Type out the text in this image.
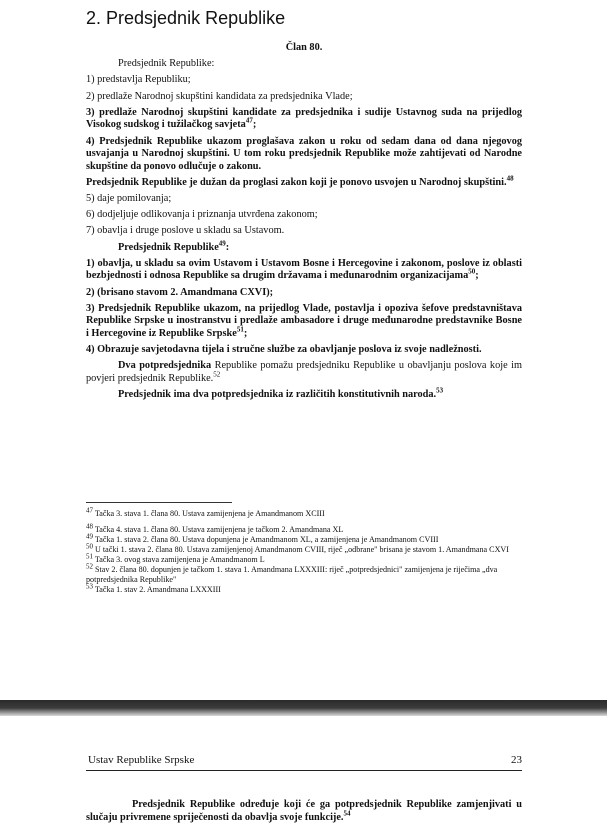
2. Predsjednik Republike

Član 80.

Predsjednik Republike:

1) predstavlja Republiku;

2) predlaže Narodnoj skupštini kandidata za predsjednika Vlade;

3) predlaže Narodnoj skupštini kandidate za predsjednika i sudije Ustavnog suda na prijedlog Visokog sudskog i tužilačkog savjeta$^{47}$;

4) Predsjednik Republike ukazom proglašava zakon u roku od sedam dana od dana njegovog usvajanja u Narodnoj skupštini. U tom roku predsjednik Republike može zahtijevati od Narodne skupštine da ponovo odlučuje o zakonu.

Predsjednik Republike je dužan da proglasi zakon koji je ponovo usvojen u Narodnoj skupštini.$^{48}$

5) daje pomilovanja;

6) dodjeljuje odlikovanja i priznanja utvrđena zakonom;

7) obavlja i druge poslove u skladu sa Ustavom.

Predsjednik Republike$^{49}$:

1) obavlja, u skladu sa ovim Ustavom i Ustavom Bosne i Hercegovine i zakonom, poslove iz oblasti bezbjednosti i odnosa Republike sa drugim državama i međunarodnim organizacijama$^{50}$;

2) (brisano stavom 2. Amandmana CXVI);

3) Predsjednik Republike ukazom, na prijedlog Vlade, postavlja i opoziva šefove predstavništava Republike Srpske u inostranstvu i predlaže ambasadore i druge međunarodne predstavnike Bosne i Hercegovine iz Republike Srpske$^{51}$;

4) Obrazuje savjetodavna tijela i stručne službe za obavljanje poslova iz svoje nadležnosti.

Dva potpredsjednika Republike pomažu predsjedniku Republike u obavljanju poslova koje im povjeri predsjednik Republike.$^{52}$

Predsjednik ima dva potpredsjednika iz različitih konstitutivnih naroda.$^{53}$

$^{47}$ Tačka 3. stava 1. člana 80. Ustava zamijenjena je Amandmanom XCIII

$^{48}$ Tačka 4. stava 1. člana 80. Ustava zamijenjena je tačkom 2. Amandmana XL

$^{49}$ Tačka 1. stava 2. člana 80. Ustava dopunjena je Amandmanom XL, a zamijenjena je Amandmanom CVIII

$^{50}$ U tački 1. stava 2. člana 80. Ustava zamijenjenoj Amandmanom CVIII, riječ „odbrane" brisana je stavom 1. Amandmana CXVI

$^{51}$ Tačka 3. ovog stava zamijenjena je Amandmanom L

$^{52}$ Stav 2. člana 80. dopunjen je tačkom 1. stava 1. Amandmana LXXXIII: riječ „potpredsjednici" zamijenjena je riječima „dva potpredsjednika Republike"

$^{53}$ Tačka 1. stav 2. Amandmana LXXXIII

Ustav Republike Srpske	23

Predsjednik Republike određuje koji će ga potpredsjednik Republike zamjenjivati u slučaju privremene spriječenosti da obavlja svoje funkcije.$^{54}$
